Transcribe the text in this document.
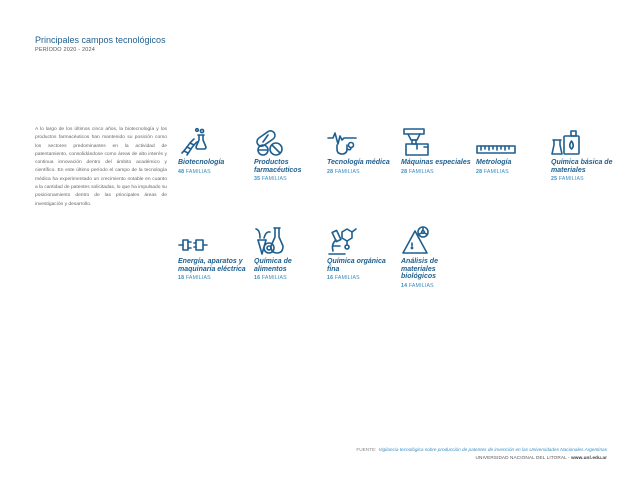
Principales campos tecnológicos
PERÍODO 2020 - 2024

A lo largo de los últimos cinco años, la biotecnología y los productos farmacéuticos han mantenido su posición como los sectores predominantes en la actividad de patentamiento, consolidándose como áreas de alto interés y continua innovación dentro del ámbito académico y científico. En este último período el campo de la tecnología médica ha experimentado un crecimiento notable en cuanto a la cantidad de patentes solicitadas, lo que ha impulsado su posicionamiento dentro de las principales áreas de investigación y desarrollo.

Biotecnología
48 FAMILIAS
Productos farmacéuticos
35 FAMILIAS
Tecnología médica
28 FAMILIAS
Máquinas especiales
28 FAMILIAS
Metrología
28 FAMILIAS
Química básica de materiales
25 FAMILIAS
Energía, aparatos y maquinaria eléctrica
18 FAMILIAS
Química de alimentos
16 FAMILIAS
Química orgánica fina
16 FAMILIAS
Análisis de materiales biológicos
14 FAMILIAS
FUENTE: Vigilancia tecnológica sobre producción de patentes de invención en las Universidades Nacionales Argentinas
UNIVERSIDAD NACIONAL DEL LITORAL - www.unl.edu.ar
